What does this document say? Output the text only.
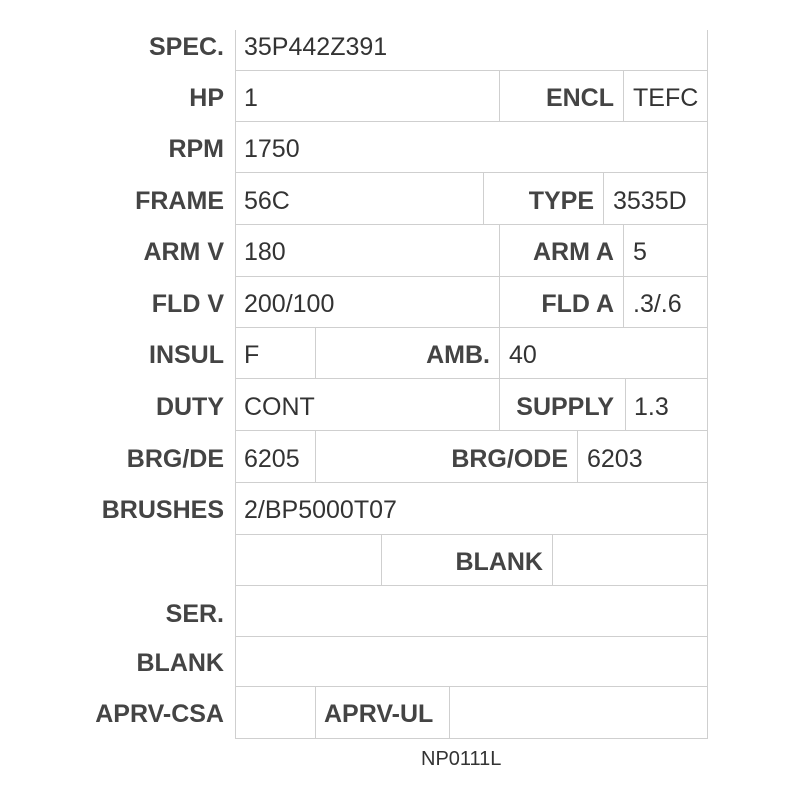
SPEC. 35P442Z391
HP 1	ENCL TEFC
RPM 1750
FRAME 56C	TYPE 3535D
ARM V 180	ARM A 5
FLD V 200/100	FLD A .3/.6
INSUL F	AMB. 40
DUTY CONT	SUPPLY 1.3
BRG/DE 6205	BRG/ODE 6203
BRUSHES 2/BP5000T07
BLANK
SER.
BLANK
APRV-CSA	APRV-UL
NP0111L
